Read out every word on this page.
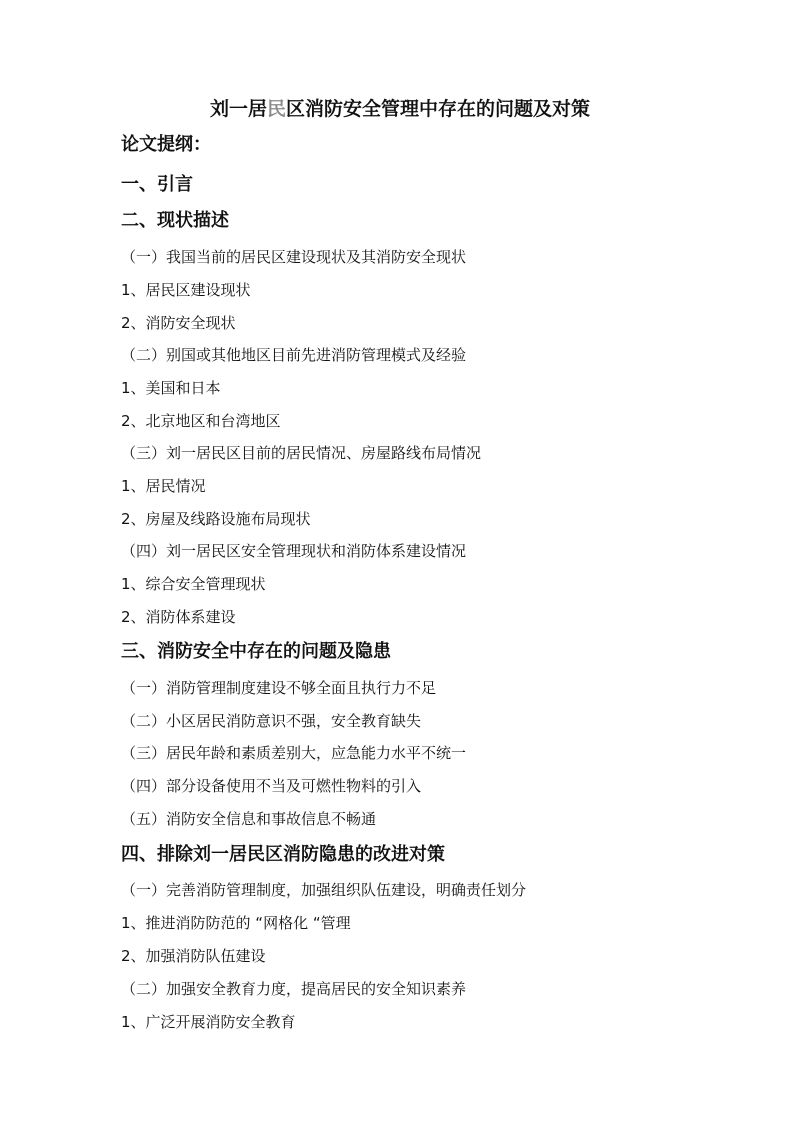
刘一居民区消防安全管理中存在的问题及对策
论文提纲：
一、引言
二、现状描述
（一）我国当前的居民区建设现状及其消防安全现状
1、居民区建设现状
2、消防安全现状
（二）别国或其他地区目前先进消防管理模式及经验
1、美国和日本
2、北京地区和台湾地区
（三）刘一居民区目前的居民情况、房屋路线布局情况
1、居民情况
2、房屋及线路设施布局现状
（四）刘一居民区安全管理现状和消防体系建设情况
1、综合安全管理现状
2、消防体系建设
三、消防安全中存在的问题及隐患
（一）消防管理制度建设不够全面且执行力不足
（二）小区居民消防意识不强，安全教育缺失
（三）居民年龄和素质差别大，应急能力水平不统一
（四）部分设备使用不当及可燃性物料的引入
（五）消防安全信息和事故信息不畅通
四、排除刘一居民区消防隐患的改进对策
（一）完善消防管理制度，加强组织队伍建设，明确责任划分
1、推进消防防范的 “网格化 “管理
2、加强消防队伍建设
（二）加强安全教育力度，提高居民的安全知识素养
1、广泛开展消防安全教育
